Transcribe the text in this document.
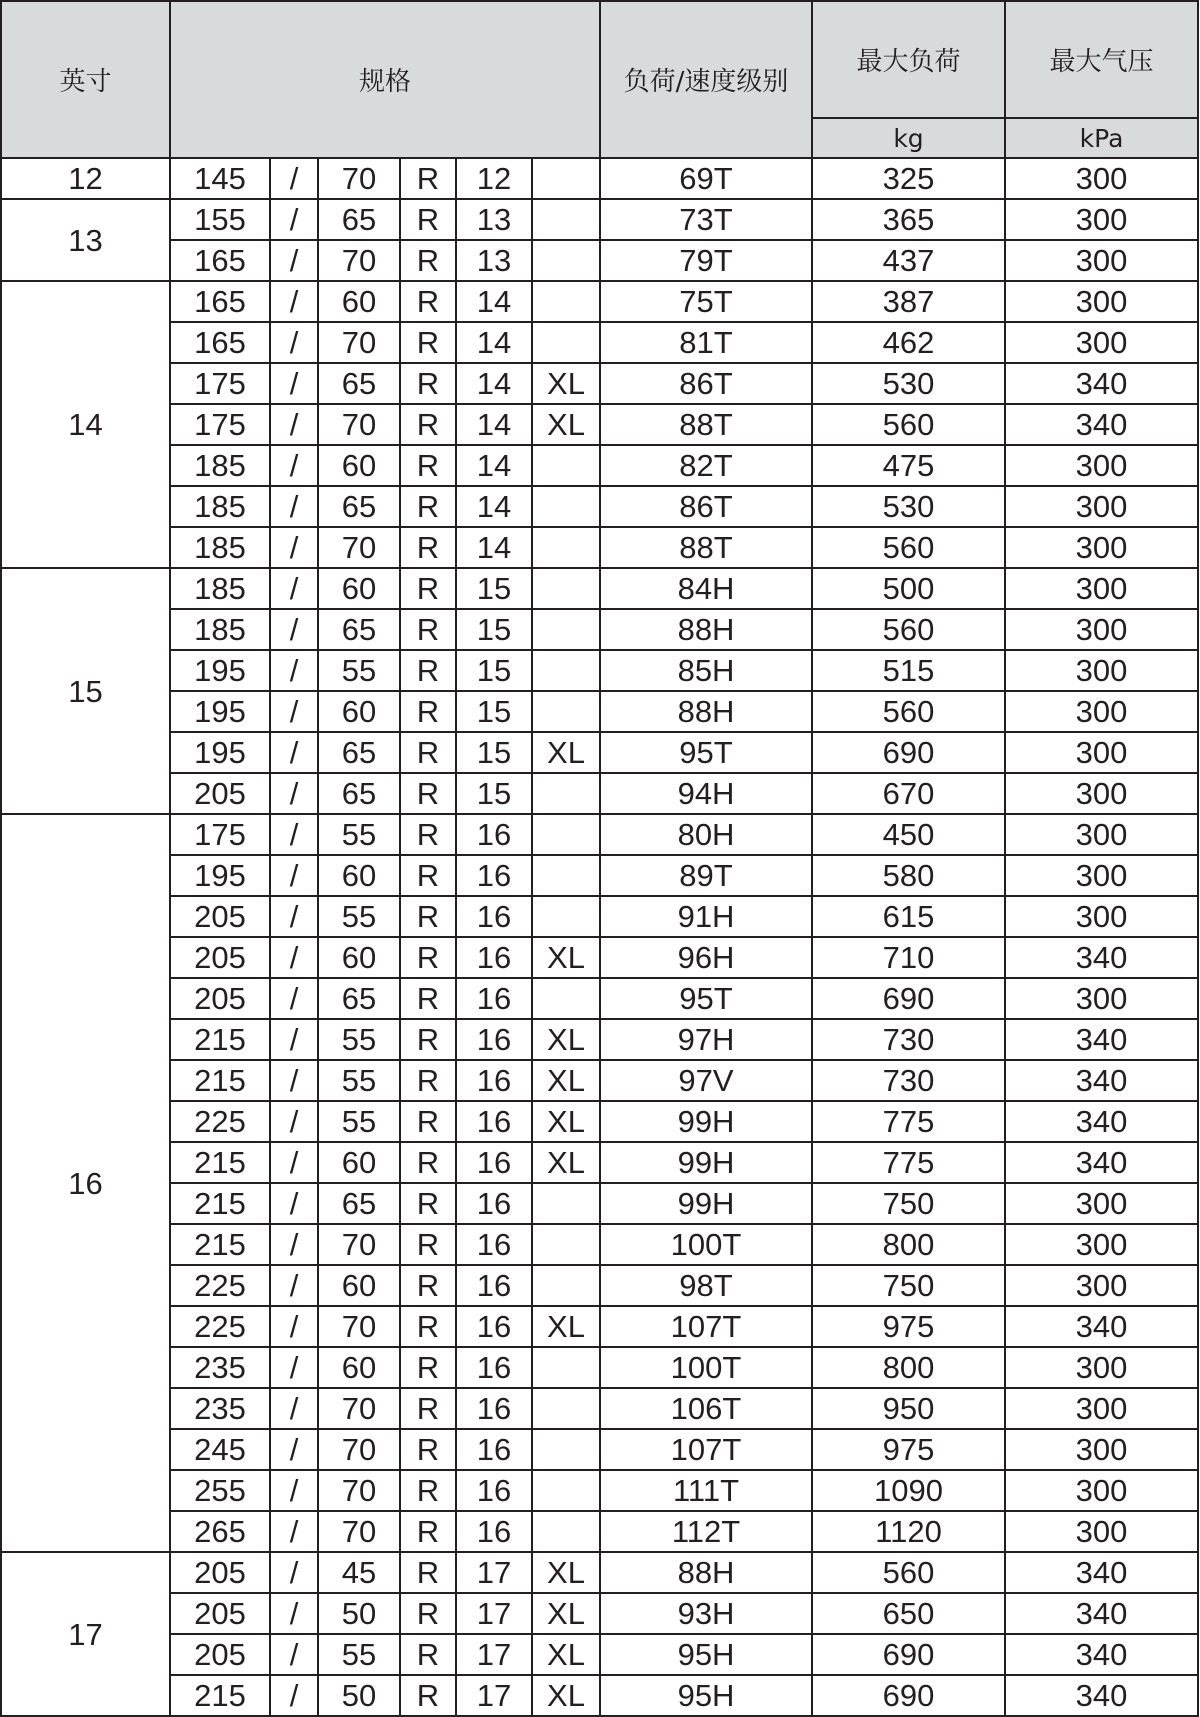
英寸	规格						负荷/速度级别	最大负荷	最大气压
								kg	kPa
12	145	/	70	R	12		69T	325	300
13	155	/	65	R	13		73T	365	300
	165	/	70	R	13		79T	437	300
14	165	/	60	R	14		75T	387	300
	165	/	70	R	14		81T	462	300
	175	/	65	R	14	XL	86T	530	340
	175	/	70	R	14	XL	88T	560	340
	185	/	60	R	14		82T	475	300
	185	/	65	R	14		86T	530	300
	185	/	70	R	14		88T	560	300
15	185	/	60	R	15		84H	500	300
	185	/	65	R	15		88H	560	300
	195	/	55	R	15		85H	515	300
	195	/	60	R	15		88H	560	300
	195	/	65	R	15	XL	95T	690	300
	205	/	65	R	15		94H	670	300
16	175	/	55	R	16		80H	450	300
	195	/	60	R	16		89T	580	300
	205	/	55	R	16		91H	615	300
	205	/	60	R	16	XL	96H	710	340
	205	/	65	R	16		95T	690	300
	215	/	55	R	16	XL	97H	730	340
	215	/	55	R	16	XL	97V	730	340
	225	/	55	R	16	XL	99H	775	340
	215	/	60	R	16	XL	99H	775	340
	215	/	65	R	16		99H	750	300
	215	/	70	R	16		100T	800	300
	225	/	60	R	16		98T	750	300
	225	/	70	R	16	XL	107T	975	340
	235	/	60	R	16		100T	800	300
	235	/	70	R	16		106T	950	300
	245	/	70	R	16		107T	975	300
	255	/	70	R	16		111T	1090	300
	265	/	70	R	16		112T	1120	300
17	205	/	45	R	17	XL	88H	560	340
	205	/	50	R	17	XL	93H	650	340
	205	/	55	R	17	XL	95H	690	340
	215	/	50	R	17	XL	95H	690	340
